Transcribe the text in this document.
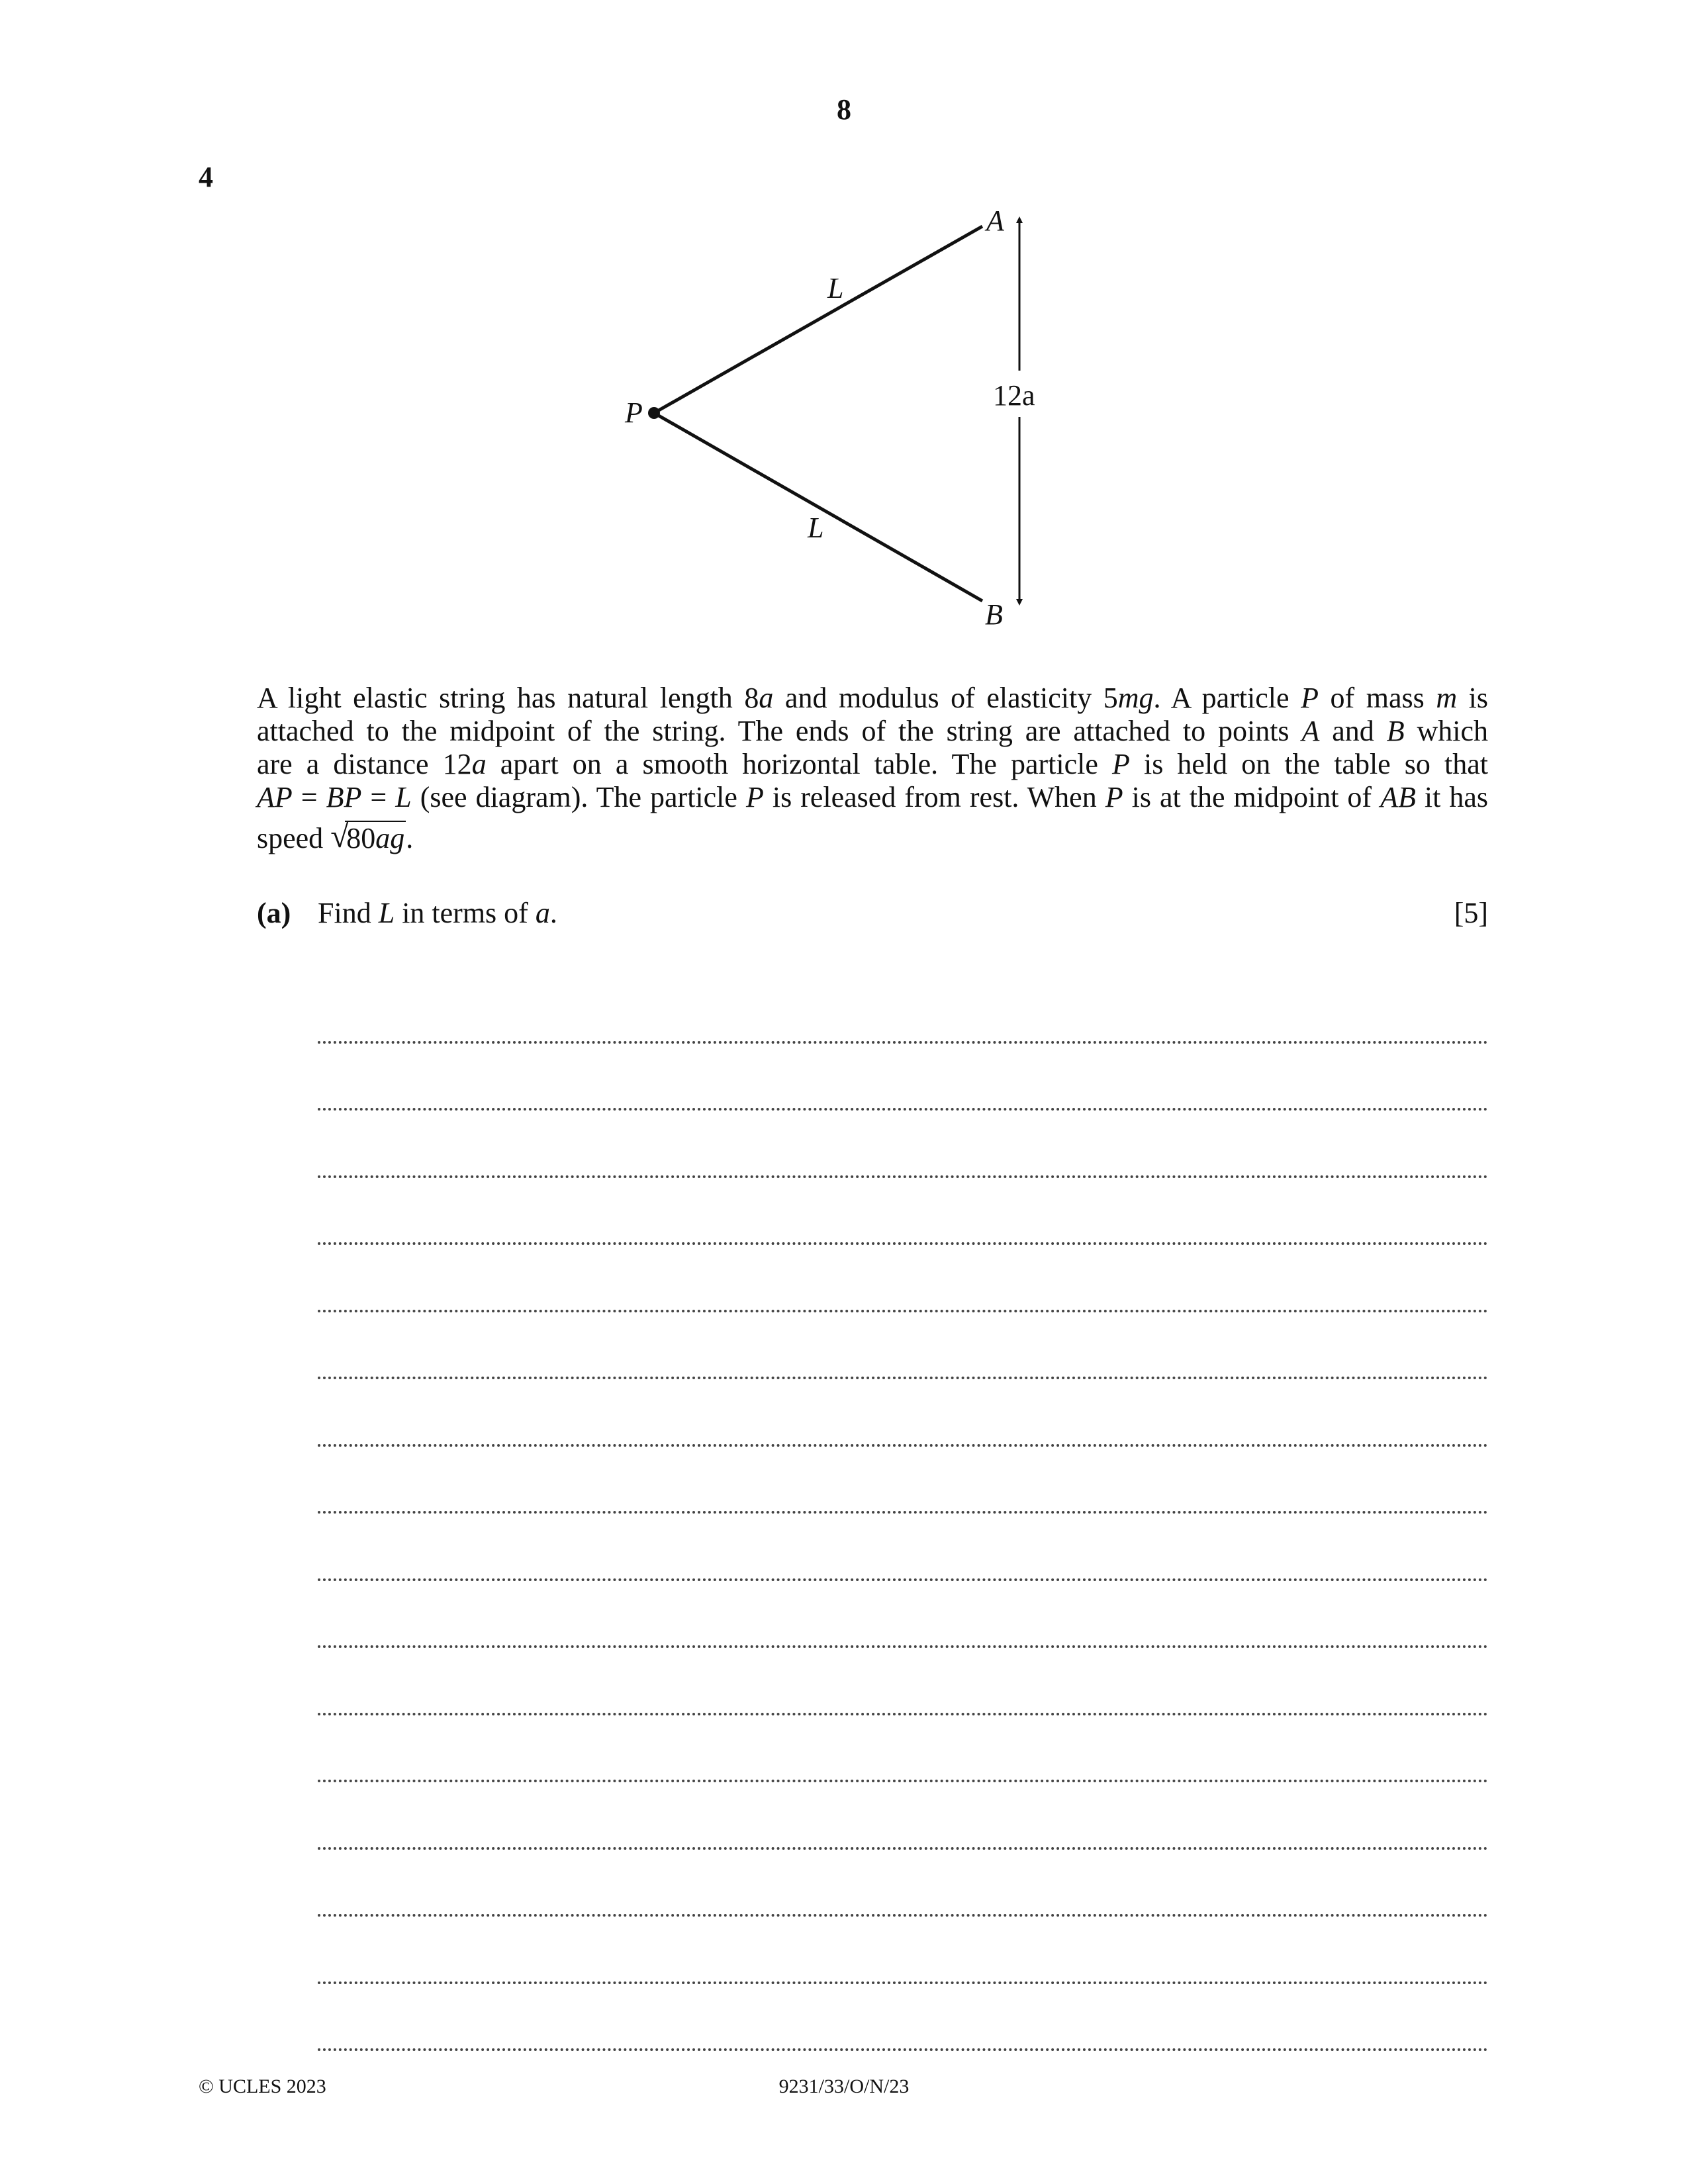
8
4
A
B
P
L
L
12a
A light elastic string has natural length 8a and modulus of elasticity 5mg. A particle P of mass m is
attached to the midpoint of the string. The ends of the string are attached to points A and B which
are a distance 12a apart on a smooth horizontal table. The particle P is held on the table so that
AP = BP = L (see diagram). The particle P is released from rest. When P is at the midpoint of AB it has
speed √
80ag.
(a) Find L in terms of a.	[5]
© UCLES 2023	9231/33/O/N/23
